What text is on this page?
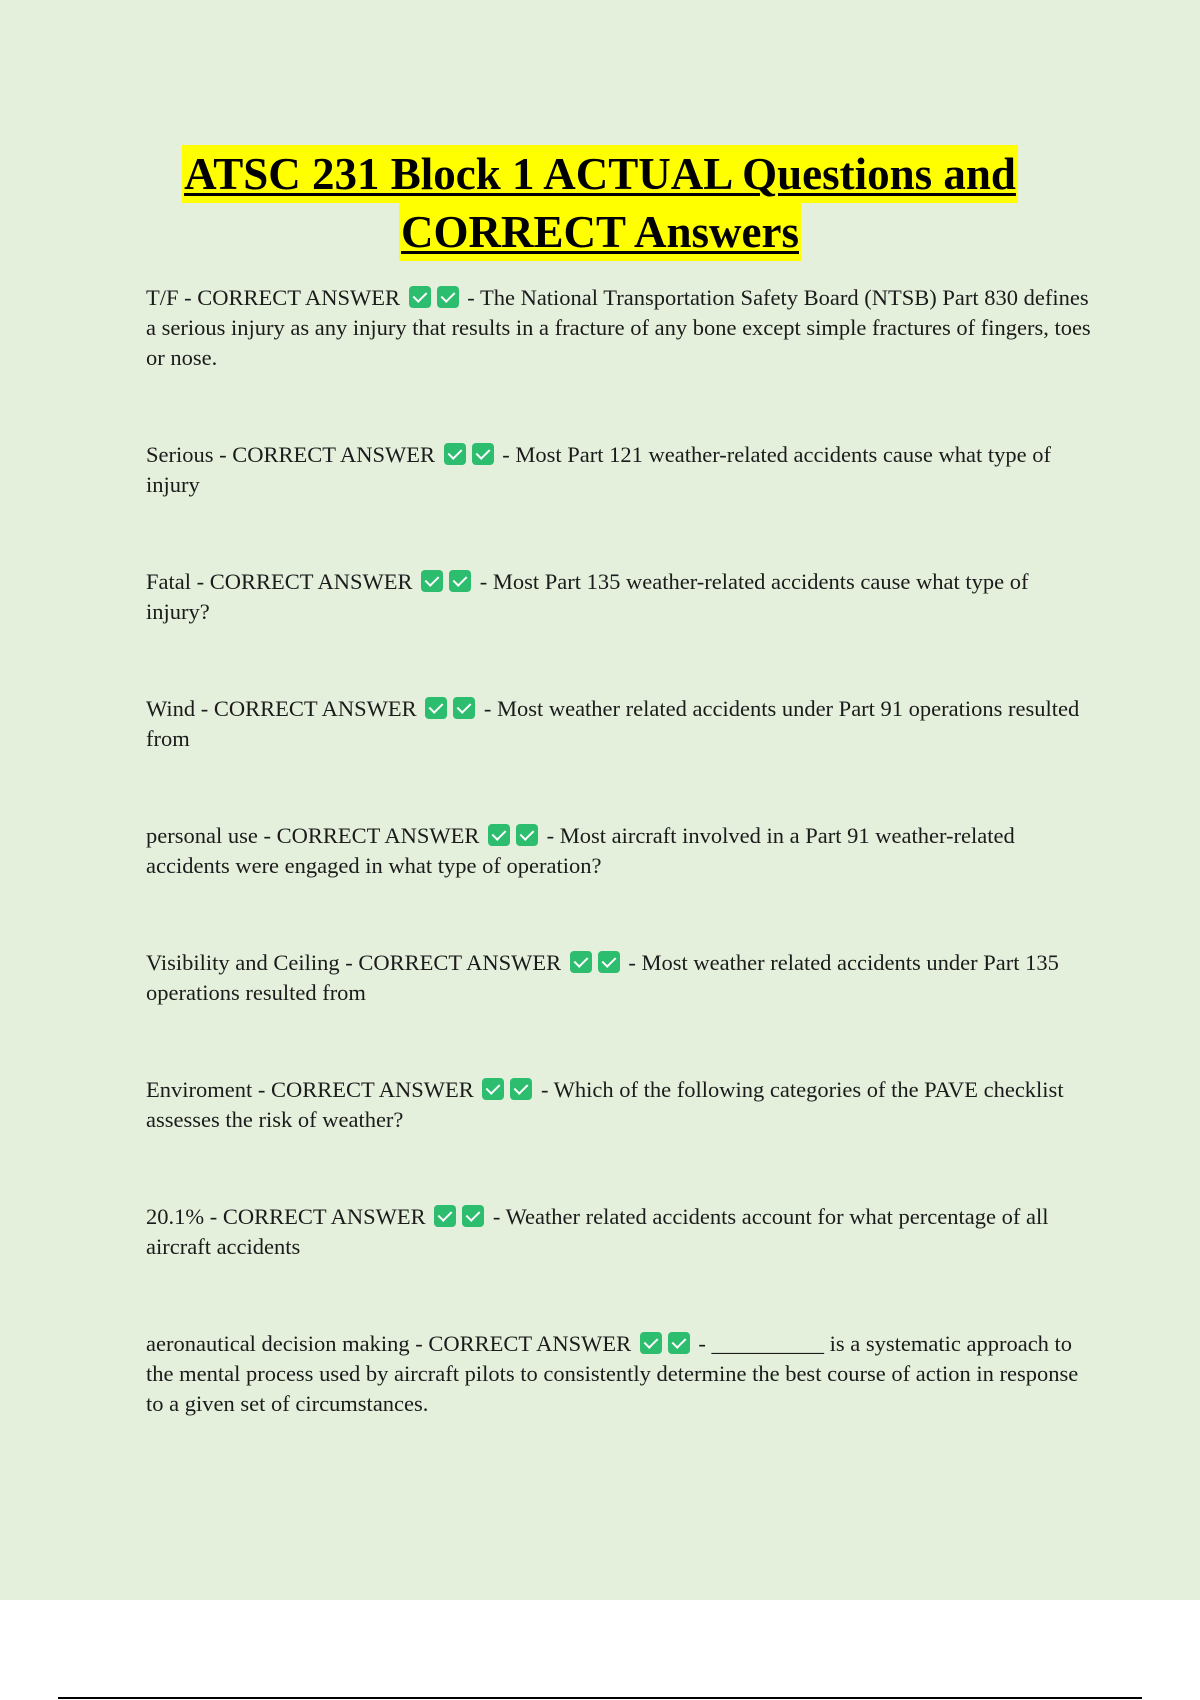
ATSC 231 Block 1 ACTUAL Questions and
CORRECT Answers

T/F - CORRECT ANSWER	- The National Transportation Safety Board (NTSB) Part 830 defines a serious injury as any injury that results in a fracture of any bone except simple fractures of fingers, toes or nose.

Serious - CORRECT ANSWER	- Most Part 121 weather-related accidents cause what type of injury

Fatal - CORRECT ANSWER	- Most Part 135 weather-related accidents cause what type of injury?

Wind - CORRECT ANSWER	- Most weather related accidents under Part 91 operations resulted from

personal use - CORRECT ANSWER	- Most aircraft involved in a Part 91 weather-related accidents were engaged in what type of operation?

Visibility and Ceiling - CORRECT ANSWER	- Most weather related accidents under Part 135 operations resulted from

Enviroment - CORRECT ANSWER	- Which of the following categories of the PAVE checklist assesses the risk of weather?

20.1% - CORRECT ANSWER	- Weather related accidents account for what percentage of all aircraft accidents

aeronautical decision making - CORRECT ANSWER	- __________ is a systematic approach to the mental process used by aircraft pilots to consistently determine the best course of action in response to a given set of circumstances.
